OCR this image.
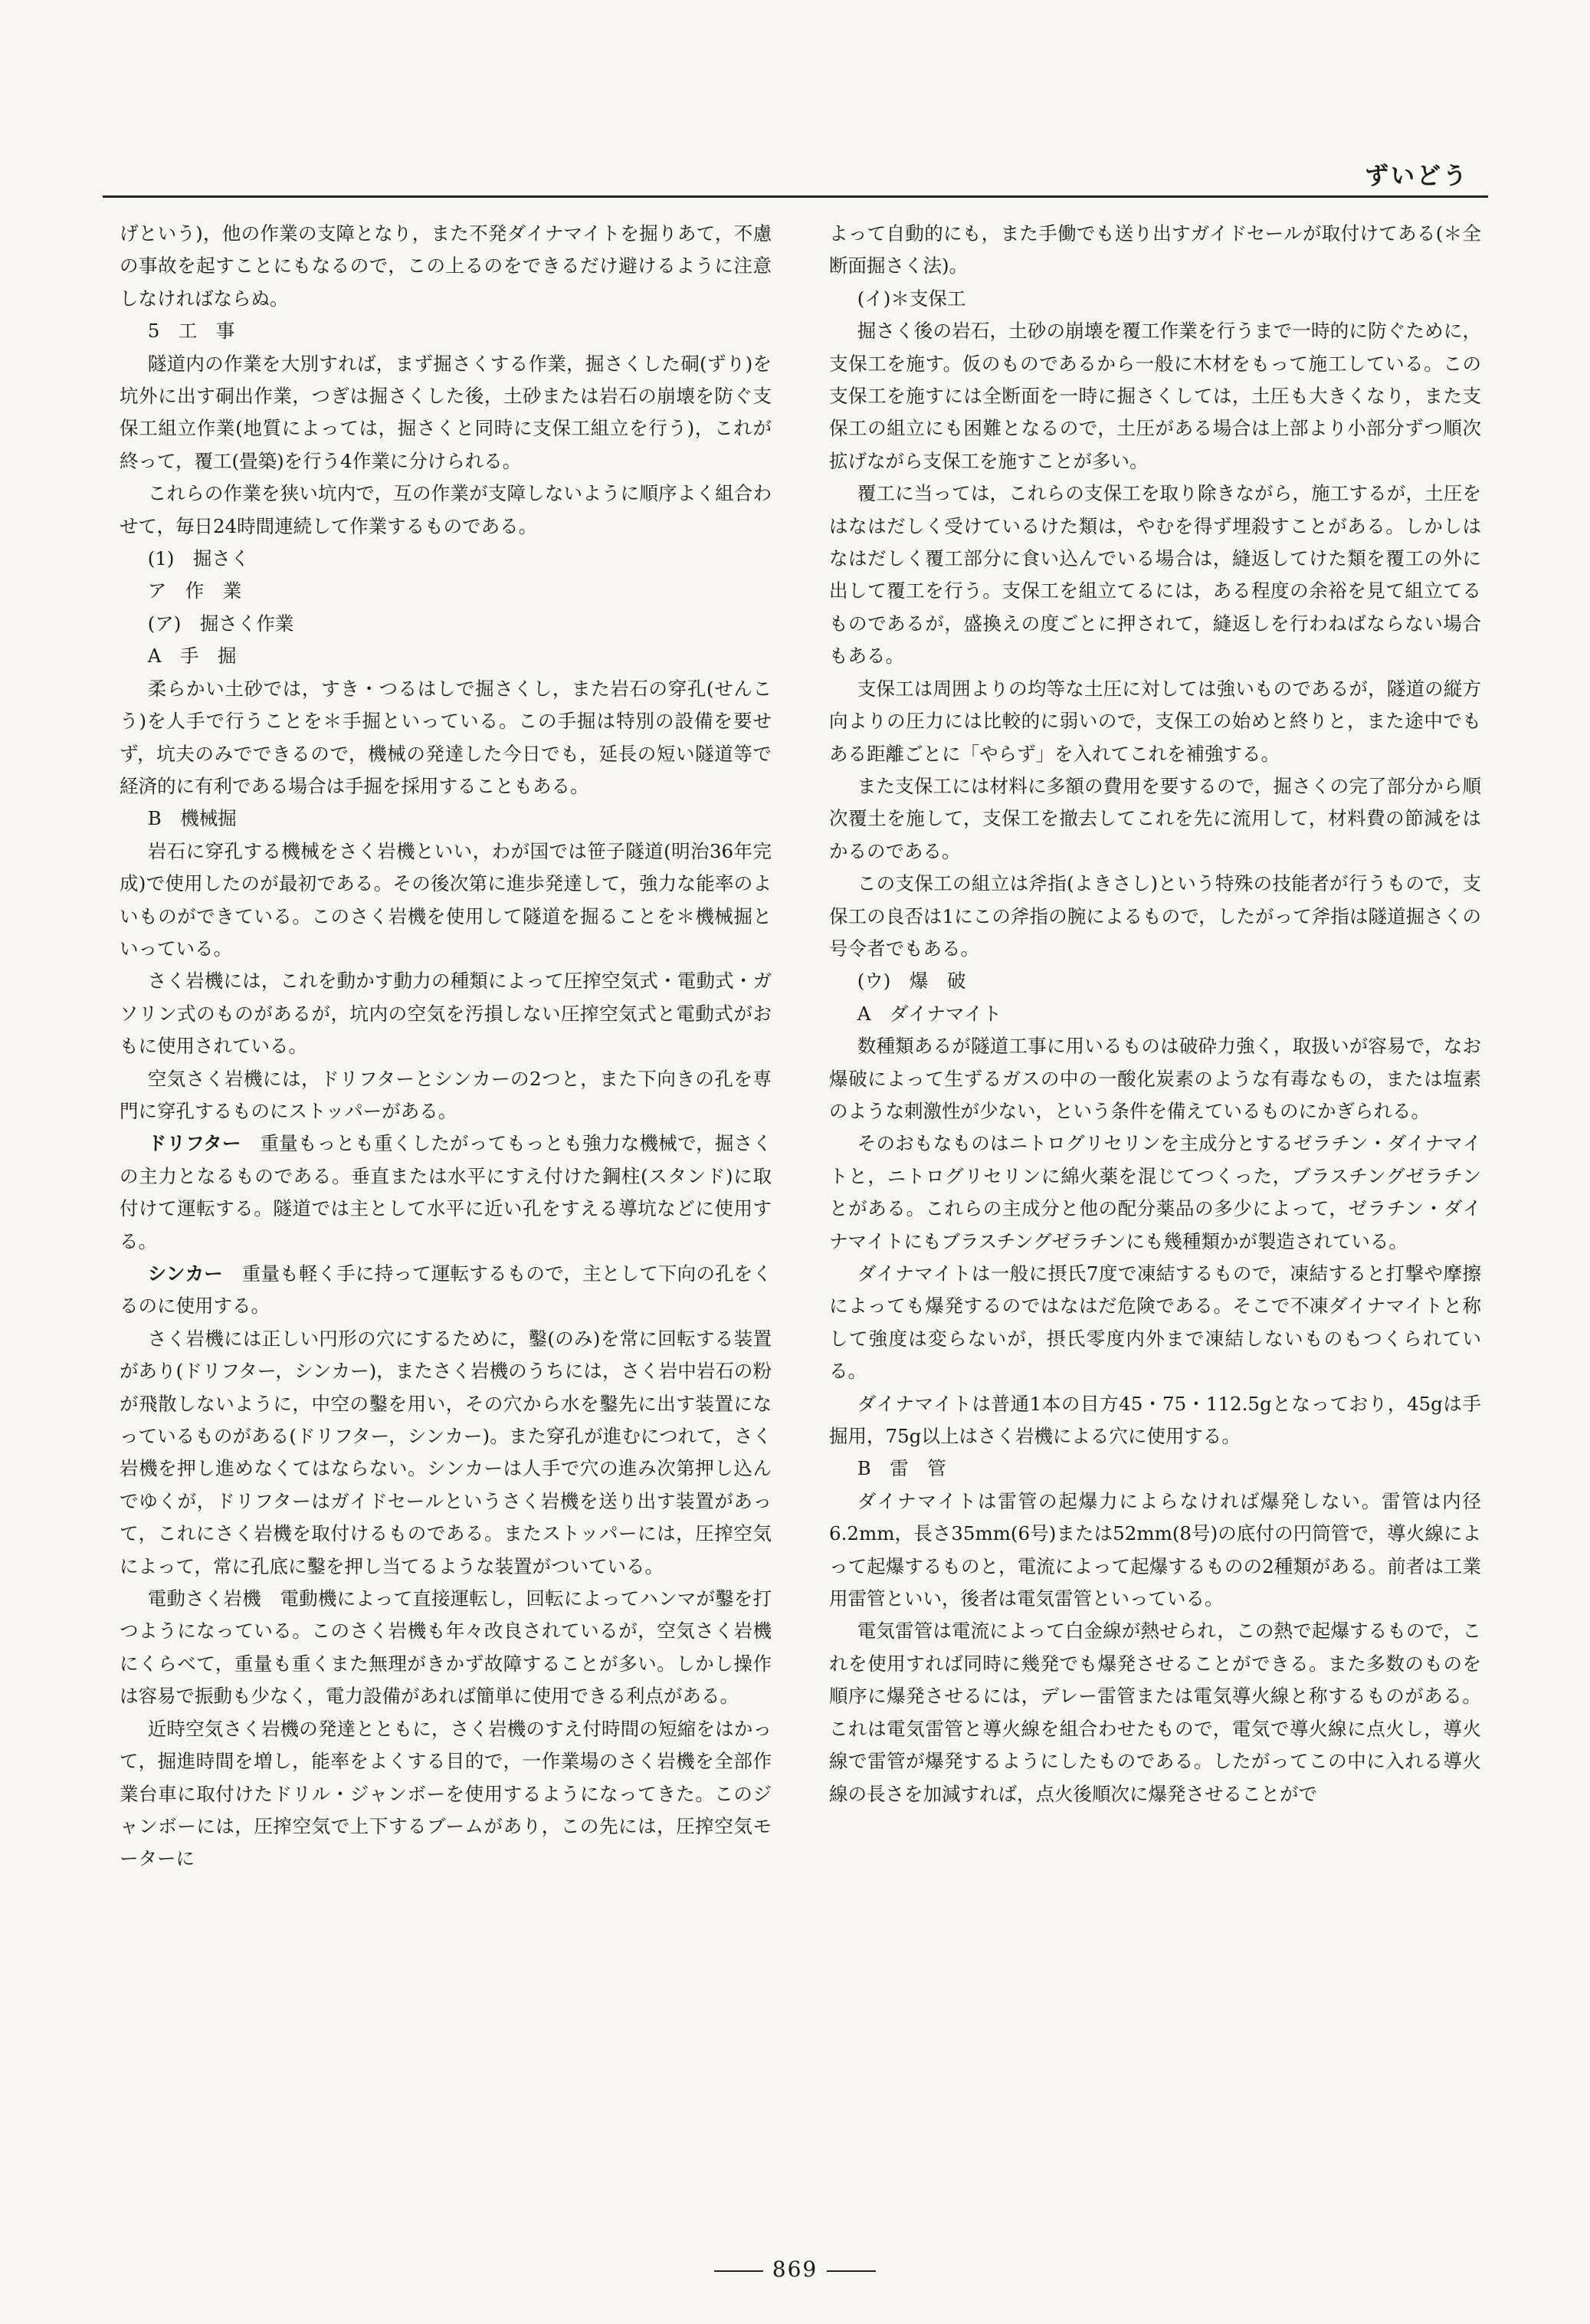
ずいどう

げという)，他の作業の支障となり，また不発ダイナマイトを掘りあて，不慮の事故を起すことにもなるので，この上るのをできるだけ避けるように注意しなければならぬ。

5　工　事

隧道内の作業を大別すれば，まず掘さくする作業，掘さくした硐(ずり)を坑外に出す硐出作業，つぎは掘さくした後，土砂または岩石の崩壊を防ぐ支保工組立作業(地質によっては，掘さくと同時に支保工組立を行う)，これが終って，覆工(畳築)を行う4作業に分けられる。

これらの作業を狭い坑内で，互の作業が支障しないように順序よく組合わせて，毎日24時間連続して作業するものである。

(1)　掘さく

ア　作　業

(ア)　掘さく作業

A　手　掘

柔らかい土砂では，すき・つるはしで掘さくし，また岩石の穿孔(せんこう)を人手で行うことを＊手掘といっている。この手掘は特別の設備を要せず，坑夫のみでできるので，機械の発達した今日でも，延長の短い隧道等で経済的に有利である場合は手掘を採用することもある。

B　機械掘

岩石に穿孔する機械をさく岩機といい，わが国では笹子隧道(明治36年完成)で使用したのが最初である。その後次第に進歩発達して，強力な能率のよいものができている。このさく岩機を使用して隧道を掘ることを＊機械掘といっている。

さく岩機には，これを動かす動力の種類によって圧搾空気式・電動式・ガソリン式のものがあるが，坑内の空気を汚損しない圧搾空気式と電動式がおもに使用されている。

空気さく岩機には，ドリフターとシンカーの2つと，また下向きの孔を専門に穿孔するものにストッパーがある。

ドリフター　重量もっとも重くしたがってもっとも強力な機械で，掘さくの主力となるものである。垂直または水平にすえ付けた鋼柱(スタンド)に取付けて運転する。隧道では主として水平に近い孔をすえる導坑などに使用する。

シンカー　重量も軽く手に持って運転するもので，主として下向の孔をくるのに使用する。

さく岩機には正しい円形の穴にするために，鑿(のみ)を常に回転する装置があり(ドリフター，シンカー)，またさく岩機のうちには，さく岩中岩石の粉が飛散しないように，中空の鑿を用い，その穴から水を鑿先に出す装置になっているものがある(ドリフター，シンカー)。また穿孔が進むにつれて，さく岩機を押し進めなくてはならない。シンカーは人手で穴の進み次第押し込んでゆくが，ドリフターはガイドセールというさく岩機を送り出す装置があって，これにさく岩機を取付けるものである。またストッパーには，圧搾空気によって，常に孔底に鑿を押し当てるような装置がついている。

電動さく岩機　電動機によって直接運転し，回転によってハンマが鑿を打つようになっている。このさく岩機も年々改良されているが，空気さく岩機にくらべて，重量も重くまた無理がきかず故障することが多い。しかし操作は容易で振動も少なく，電力設備があれば簡単に使用できる利点がある。

近時空気さく岩機の発達とともに，さく岩機のすえ付時間の短縮をはかって，掘進時間を増し，能率をよくする目的で，一作業場のさく岩機を全部作業台車に取付けたドリル・ジャンボーを使用するようになってきた。このジャンボーには，圧搾空気で上下するブームがあり，この先には，圧搾空気モーターに

よって自動的にも，また手働でも送り出すガイドセールが取付けてある(＊全断面掘さく法)。

(イ)＊支保工

掘さく後の岩石，土砂の崩壊を覆工作業を行うまで一時的に防ぐために，支保工を施す。仮のものであるから一般に木材をもって施工している。この支保工を施すには全断面を一時に掘さくしては，土圧も大きくなり，また支保工の組立にも困難となるので，土圧がある場合は上部より小部分ずつ順次拡げながら支保工を施すことが多い。

覆工に当っては，これらの支保工を取り除きながら，施工するが，土圧をはなはだしく受けているけた類は，やむを得ず埋殺すことがある。しかしはなはだしく覆工部分に食い込んでいる場合は，縫返してけた類を覆工の外に出して覆工を行う。支保工を組立てるには，ある程度の余裕を見て組立てるものであるが，盛換えの度ごとに押されて，縫返しを行わねばならない場合もある。

支保工は周囲よりの均等な土圧に対しては強いものであるが，隧道の縦方向よりの圧力には比較的に弱いので，支保工の始めと終りと，また途中でもある距離ごとに「やらず」を入れてこれを補強する。

また支保工には材料に多額の費用を要するので，掘さくの完了部分から順次覆土を施して，支保工を撤去してこれを先に流用して，材料費の節減をはかるのである。

この支保工の組立は斧指(よきさし)という特殊の技能者が行うもので，支保工の良否は1にこの斧指の腕によるもので，したがって斧指は隧道掘さくの号令者でもある。

(ウ)　爆　破

A　ダイナマイト

数種類あるが隧道工事に用いるものは破砕力強く，取扱いが容易で，なお爆破によって生ずるガスの中の一酸化炭素のような有毒なもの，または塩素のような刺激性が少ない，という条件を備えているものにかぎられる。

そのおもなものはニトログリセリンを主成分とするゼラチン・ダイナマイトと，ニトログリセリンに綿火薬を混じてつくった，ブラスチングゼラチンとがある。これらの主成分と他の配分薬品の多少によって，ゼラチン・ダイナマイトにもブラスチングゼラチンにも幾種類かが製造されている。

ダイナマイトは一般に摂氏7度で凍結するもので，凍結すると打撃や摩擦によっても爆発するのではなはだ危険である。そこで不凍ダイナマイトと称して強度は変らないが，摂氏零度内外まで凍結しないものもつくられている。

ダイナマイトは普通1本の目方45・75・112.5gとなっており，45gは手掘用，75g以上はさく岩機による穴に使用する。

B　雷　管

ダイナマイトは雷管の起爆力によらなければ爆発しない。雷管は内径6.2mm，長さ35mm(6号)または52mm(8号)の底付の円筒管で，導火線によって起爆するものと，電流によって起爆するものの2種類がある。前者は工業用雷管といい，後者は電気雷管といっている。

電気雷管は電流によって白金線が熱せられ，この熱で起爆するもので，これを使用すれば同時に幾発でも爆発させることができる。また多数のものを順序に爆発させるには，デレー雷管または電気導火線と称するものがある。これは電気雷管と導火線を組合わせたもので，電気で導火線に点火し，導火線で雷管が爆発するようにしたものである。したがってこの中に入れる導火線の長さを加減すれば，点火後順次に爆発させることがで

869
